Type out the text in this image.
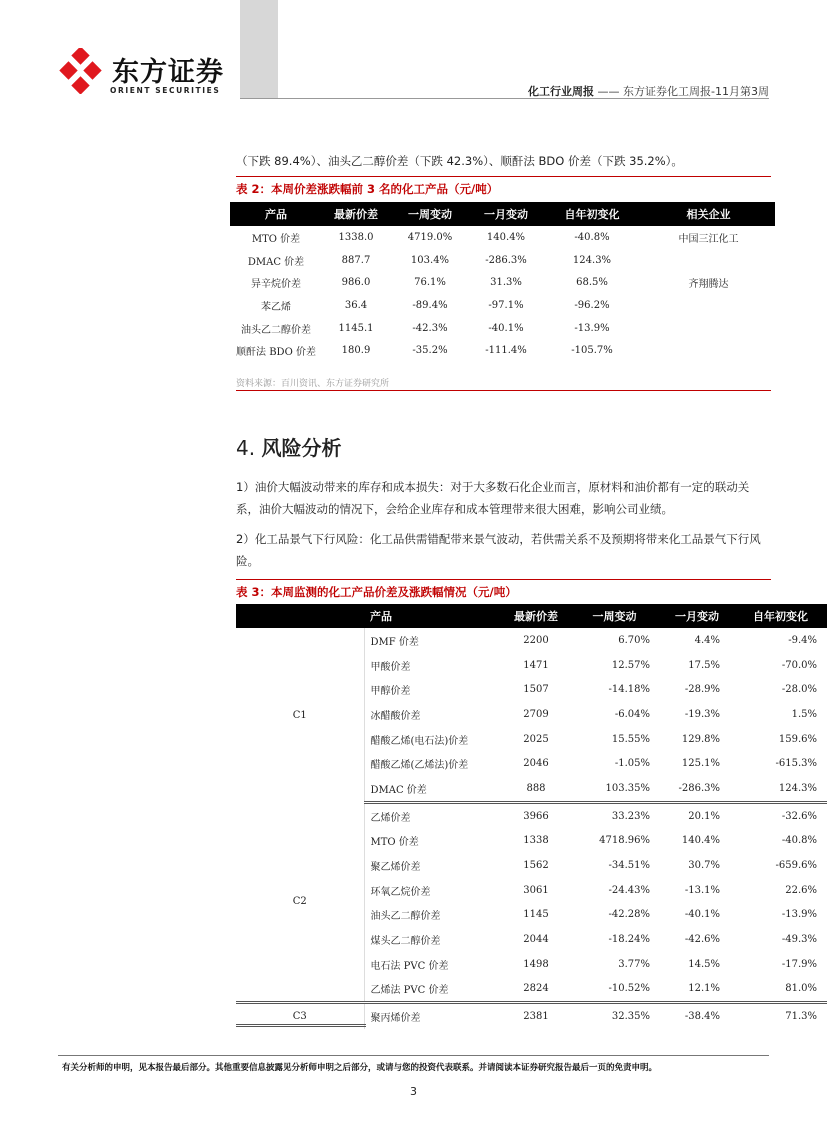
东方证券
ORIENT SECURITIES	化工行业周报 —— 东方证券化工周报-11月第3周
（下跌 89.4%）、油头乙二醇价差（下跌 42.3%）、顺酐法 BDO 价差（下跌 35.2%）。
表 2：本周价差涨跌幅前 3 名的化工产品（元/吨）
产品	最新价差	一周变动	一月变动	自年初变化	相关企业
MTO 价差	1338.0	4719.0%	140.4%	-40.8%	中国三江化工
DMAC 价差	887.7	103.4%	-286.3%	124.3%	
异辛烷价差	986.0	76.1%	31.3%	68.5%	齐翔腾达
苯乙烯	36.4	-89.4%	-97.1%	-96.2%	
油头乙二醇价差	1145.1	-42.3%	-40.1%	-13.9%	
顺酐法 BDO 价差	180.9	-35.2%	-111.4%	-105.7%	
资料来源：百川资讯、东方证券研究所
4. 风险分析
1）油价大幅波动带来的库存和成本损失：对于大多数石化企业而言，原材料和油价都有一定的联动关系，油价大幅波动的情况下，会给企业库存和成本管理带来很大困难，影响公司业绩。
2）化工品景气下行风险：化工品供需错配带来景气波动，若供需关系不及预期将带来化工品景气下行风险。
表 3：本周监测的化工产品价差及涨跌幅情况（元/吨）
	产品	最新价差	一周变动	一月变动	自年初变化
C1	DMF 价差	2200	6.70%	4.4%	-9.4%
	甲酸价差	1471	12.57%	17.5%	-70.0%
	甲醇价差	1507	-14.18%	-28.9%	-28.0%
	冰醋酸价差	2709	-6.04%	-19.3%	1.5%
	醋酸乙烯(电石法)价差	2025	15.55%	129.8%	159.6%
	醋酸乙烯(乙烯法)价差	2046	-1.05%	125.1%	-615.3%
	DMAC 价差	888	103.35%	-286.3%	124.3%
C2	乙烯价差	3966	33.23%	20.1%	-32.6%
	MTO 价差	1338	4718.96%	140.4%	-40.8%
	聚乙烯价差	1562	-34.51%	30.7%	-659.6%
	环氧乙烷价差	3061	-24.43%	-13.1%	22.6%
	油头乙二醇价差	1145	-42.28%	-40.1%	-13.9%
	煤头乙二醇价差	2044	-18.24%	-42.6%	-49.3%
	电石法 PVC 价差	1498	3.77%	14.5%	-17.9%
	乙烯法 PVC 价差	2824	-10.52%	12.1%	81.0%
C3	聚丙烯价差	2381	32.35%	-38.4%	71.3%
有关分析师的申明，见本报告最后部分。其他重要信息披露见分析师申明之后部分，或请与您的投资代表联系。并请阅读本证券研究报告最后一页的免责申明。
3
